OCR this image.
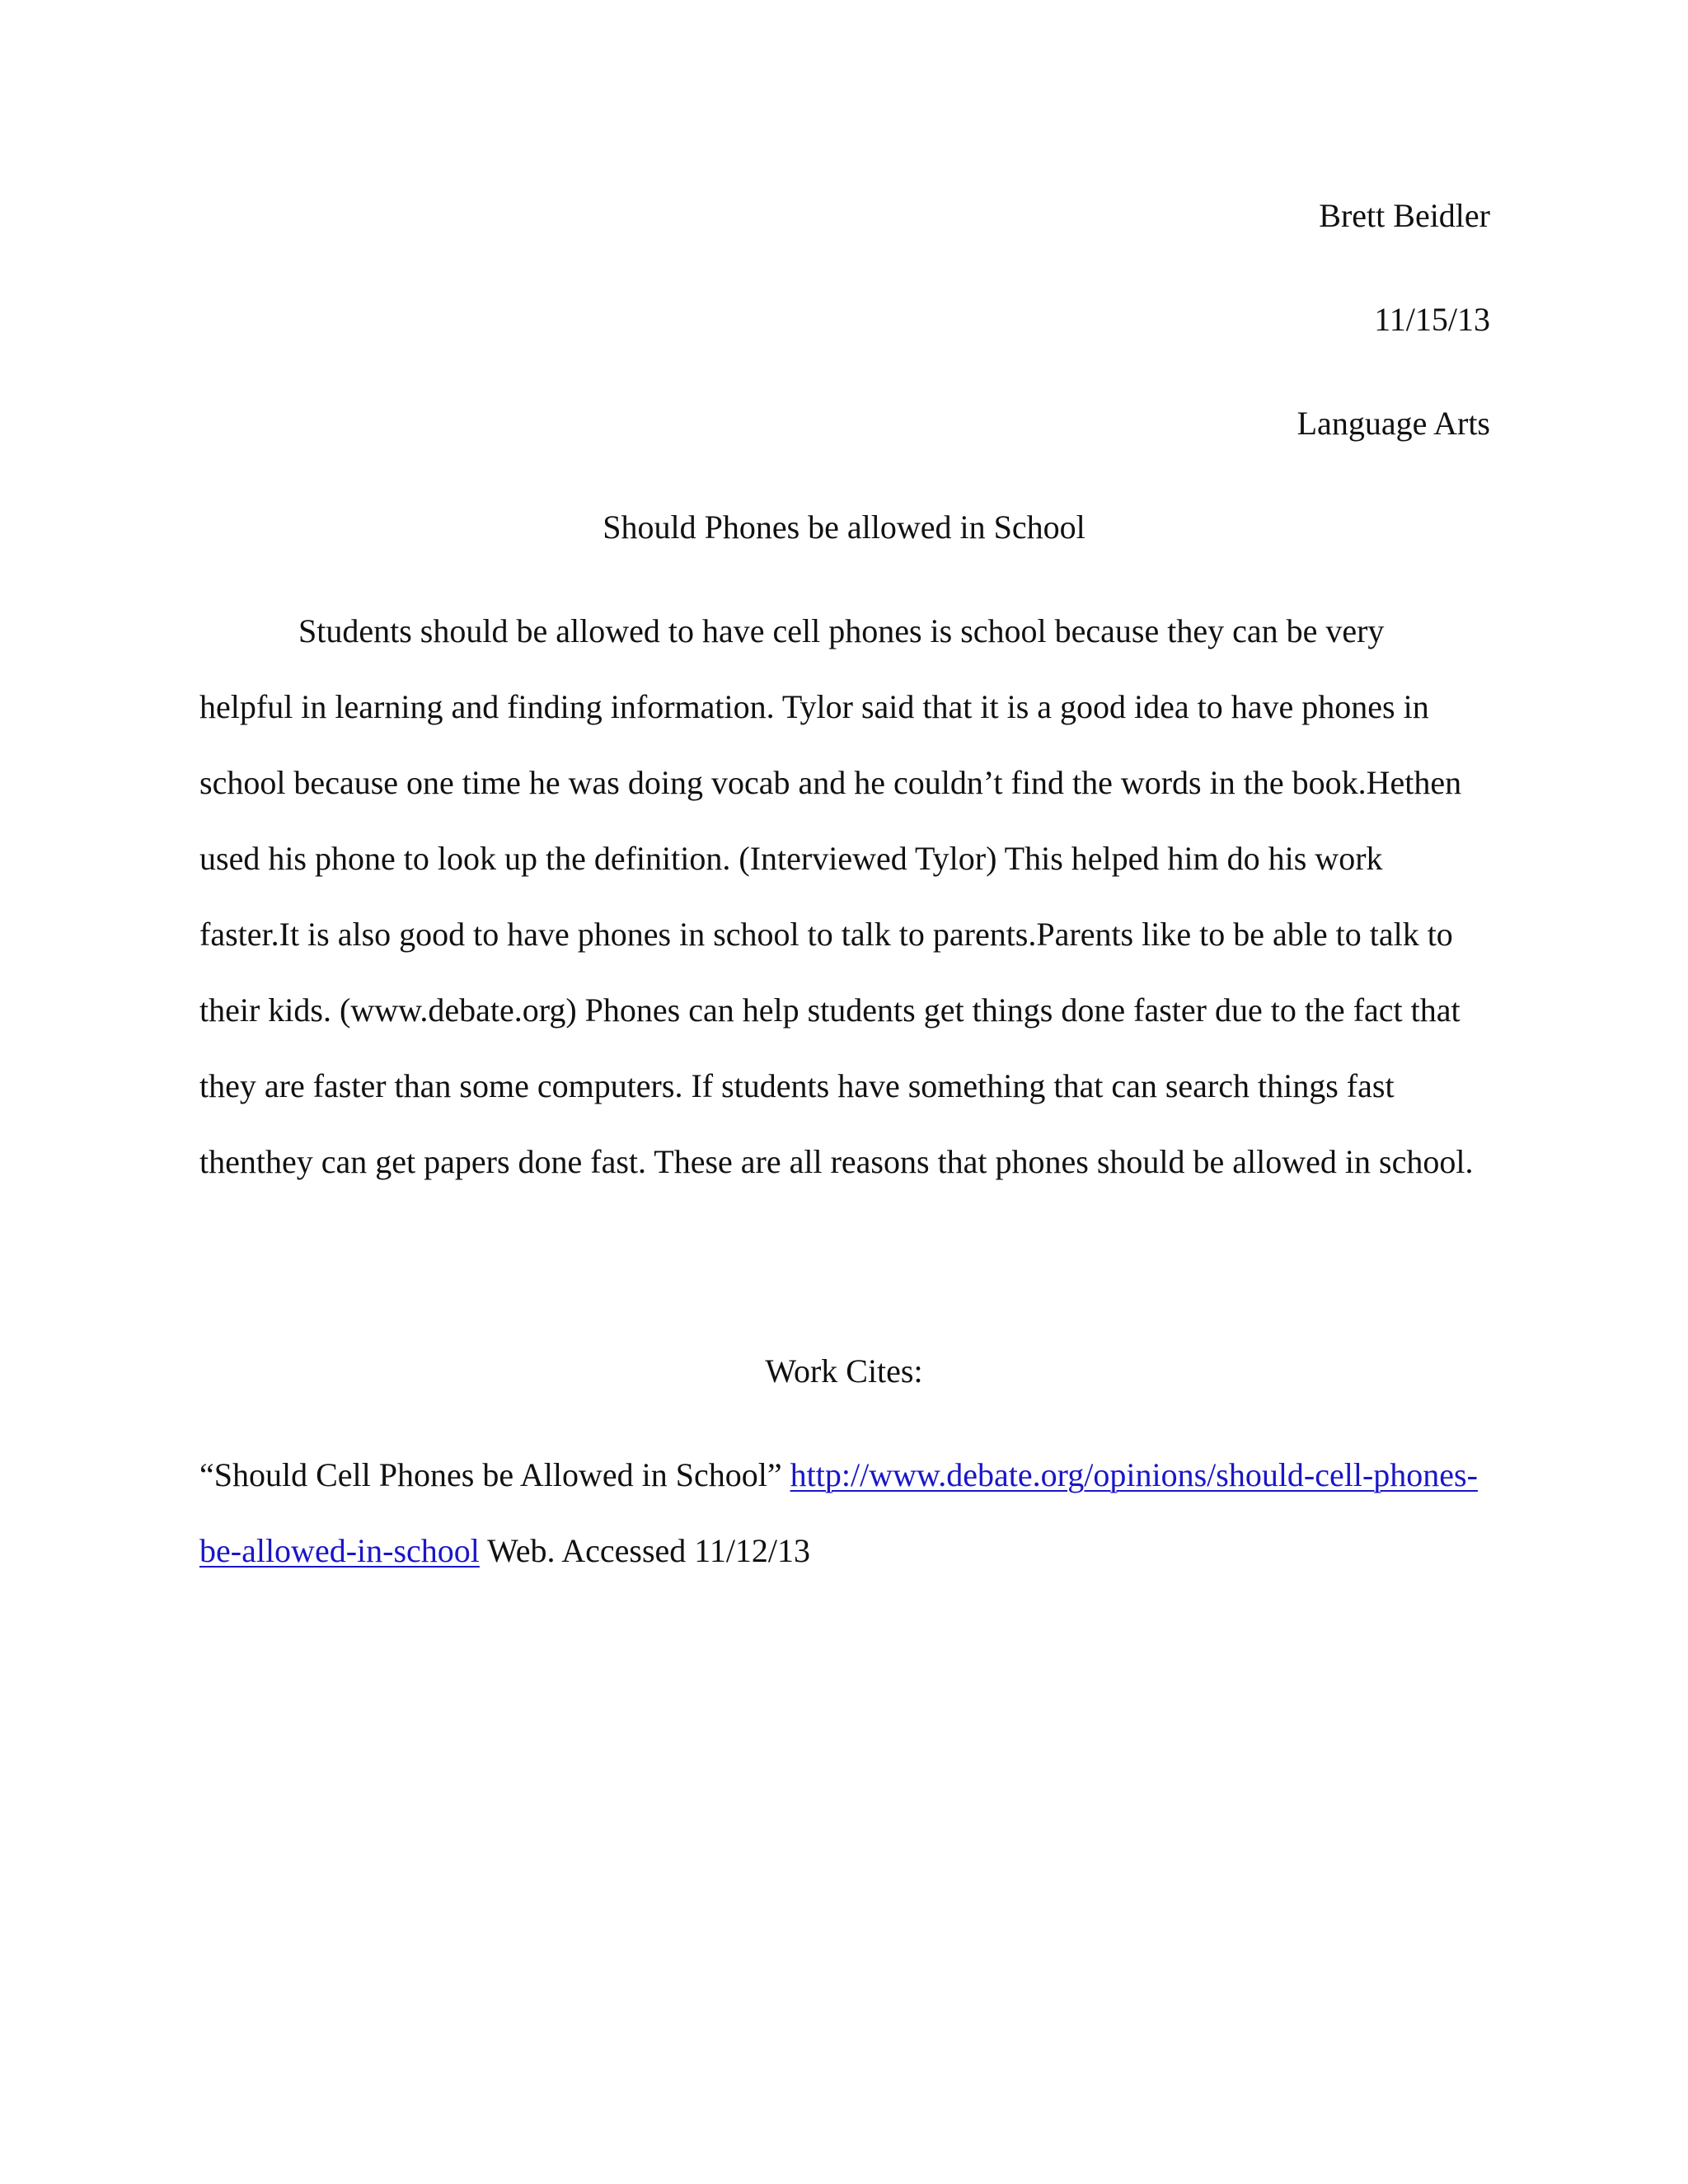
Brett Beidler
11/15/13
Language Arts
Should Phones be allowed in School
Students should be allowed to have cell phones is school because they can be very
helpful in learning and finding information. Tylor said that it is a good idea to have phones in
school because one time he was doing vocab and he couldn’t find the words in the book.Hethen
used his phone to look up the definition. (Interviewed Tylor) This helped him do his work
faster.It is also good to have phones in school to talk to parents.Parents like to be able to talk to
their kids. (www.debate.org) Phones can help students get things done faster due to the fact that
they are faster than some computers. If students have something that can search things fast
thenthey can get papers done fast. These are all reasons that phones should be allowed in school.
Work Cites:
“Should Cell Phones be Allowed in School” http://www.debate.org/opinions/should-cell-phones-
be-allowed-in-school Web. Accessed 11/12/13
